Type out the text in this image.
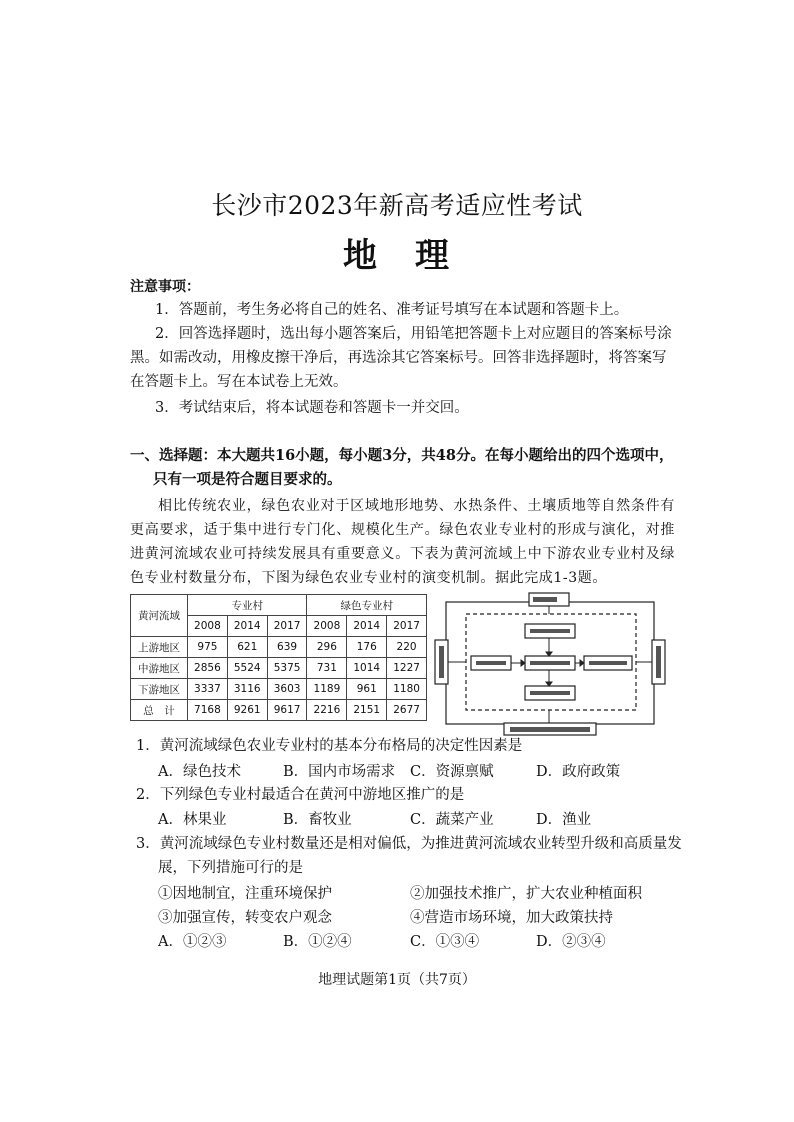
长沙市2023年新高考适应性考试
地　理
注意事项：
1．答题前，考生务必将自己的姓名、准考证号填写在本试题和答题卡上。
2．回答选择题时，选出每小题答案后，用铅笔把答题卡上对应题目的答案标号涂黑。如需改动，用橡皮擦干净后，再选涂其它答案标号。回答非选择题时，将答案写在答题卡上。写在本试卷上无效。
3．考试结束后，将本试题卷和答题卡一并交回。
一、选择题：本大题共16小题，每小题3分，共48分。在每小题给出的四个选项中，
只有一项是符合题目要求的。
相比传统农业，绿色农业对于区域地形地势、水热条件、土壤质地等自然条件有更高要求，适于集中进行专门化、规模化生产。绿色农业专业村的形成与演化，对推进黄河流域农业可持续发展具有重要意义。下表为黄河流域上中下游农业专业村及绿色专业村数量分布，下图为绿色农业专业村的演变机制。据此完成1-3题。
黄河流域	专业村			绿色专业村		
	2008	2014	2017	2008	2014	2017
上游地区	975	621	639	296	176	220
中游地区	2856	5524	5375	731	1014	1227
下游地区	3337	3116	3603	1189	961	1180
总　计	7168	9261	9617	2216	2151	2677
1．黄河流域绿色农业专业村的基本分布格局的决定性因素是
A．绿色技术	B．国内市场需求 C．资源禀赋	D．政府政策
2．下列绿色专业村最适合在黄河中游地区推广的是
A．林果业	B．畜牧业	C．蔬菜产业	D．渔业
3．黄河流域绿色专业村数量还是相对偏低，为推进黄河流域农业转型升级和高质量发
展，下列措施可行的是
①因地制宜，注重环境保护	②加强技术推广，扩大农业种植面积
③加强宣传，转变农户观念	④营造市场环境，加大政策扶持
A．①②③	B．①②④	C．①③④	D．②③④
地理试题第1页（共7页）
